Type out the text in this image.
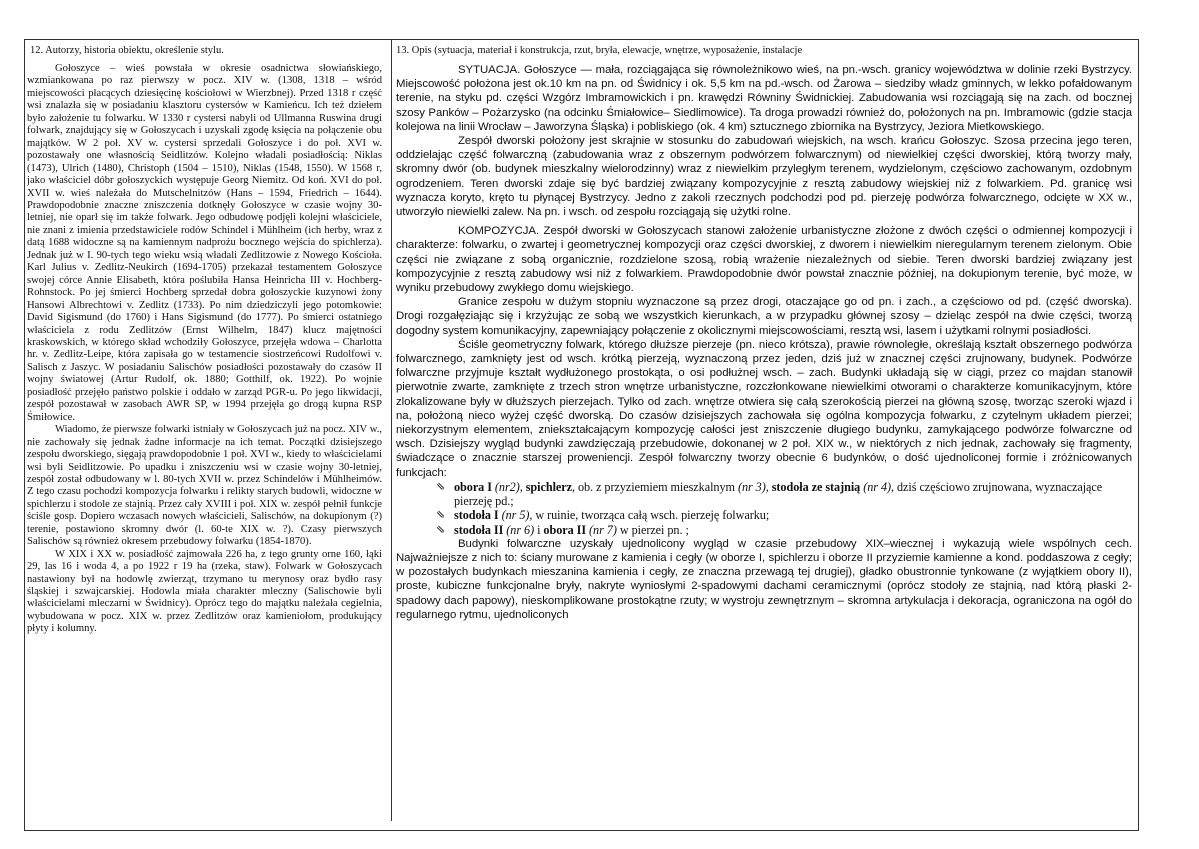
12. Autorzy, historia obiektu, określenie stylu.

Gołoszyce – wieś powstała w okresie osadnictwa słowiańskiego, wzmiankowana po raz pierwszy w pocz. XIV w. (1308, 1318 – wśród miejscowości płacących dziesięcinę kościołowi w Wierzbnej). Przed 1318 r część wsi znalazła się w posiadaniu klasztoru cystersów w Kamieńcu. Ich też dziełem było założenie tu folwarku. W 1330 r cystersi nabyli od Ullmanna Ruswina drugi folwark, znajdujący się w Gołoszycach i uzyskali zgodę księcia na połączenie obu majątków. W 2 poł. XV w. cystersi sprzedali Gołoszyce i do poł. XVI w. pozostawały one własnością Seidlitzów. Kolejno władali posiadłością: Niklas (1473), Ulrich (1480), Christoph (1504 – 1510), Niklas (1548, 1550). W 1568 r, jako właściciel dóbr gołoszyckich występuje Georg Niemitz. Od koń. XVI do poł. XVII w. wieś należała do Mutschelnitzów (Hans – 1594, Friedrich – 1644). Prawdopodobnie znaczne zniszczenia dotknęły Gołoszyce w czasie wojny 30-letniej, nie oparł się im także folwark. Jego odbudowę podjęli kolejni właściciele, nie znani z imienia przedstawiciele rodów Schindel i Mühlheim (ich herby, wraz z datą 1688 widoczne są na kamiennym nadprożu bocznego wejścia do spichlerza). Jednak już w I. 90-tych tego wieku wsią władali Zedlitzowie z Nowego Kościoła. Karl Julius v. Zedlitz-Neukirch (1694-1705) przekazał testamentem Gołoszyce swojej córce Annie Elisabeth, która poślubiła Hansa Heinricha III v. Hochberg-Rohnstock. Po jej śmierci Hochberg sprzedał dobra gołoszyckie kuzynowi żony Hansowi Albrechtowi v. Zedlitz (1733). Po nim dziedziczyli jego potomkowie: David Sigismund (do 1760) i Hans Sigismund (do 1777). Po śmierci ostatniego właściciela z rodu Zedlitzów (Ernst Wilhelm, 1847) klucz majętności kraskowskich, w którego skład wchodziły Gołoszyce, przejęła wdowa – Charlotta hr. v. Zedlitz-Leipe, która zapisała go w testamencie siostrzeńcowi Rudolfowi v. Salisch z Jaszyc. W posiadaniu Salischów posiadłości pozostawały do czasów II wojny światowej (Artur Rudolf, ok. 1880; Gotthilf, ok. 1922). Po wojnie posiadłość przejęło państwo polskie i oddało w zarząd PGR-u. Po jego likwidacji, zespół pozostawał w zasobach AWR SP, w 1994 przejęła go drogą kupna RSP Śmiłowice.

Wiadomo, że pierwsze folwarki istniały w Gołoszycach już na pocz. XIV w., nie zachowały się jednak żadne informacje na ich temat. Początki dzisiejszego zespołu dworskiego, sięgają prawdopodobnie 1 poł. XVI w., kiedy to właścicielami wsi byli Seidlitzowie. Po upadku i zniszczeniu wsi w czasie wojny 30-letniej, zespół został odbudowany w l. 80-tych XVII w. przez Schindelów i Mühlheimów. Z tego czasu pochodzi kompozycja folwarku i relikty starych budowli, widoczne w spichlerzu i stodole ze stajnią. Przez cały XVIII i poł. XIX w. zespół pełnił funkcje ściśle gosp. Dopiero wczasach nowych właścicieli, Salischów, na dokupionym (?) terenie, postawiono skromny dwór (l. 60-te XIX w. ?). Czasy pierwszych Salischów są również okresem przebudowy folwarku (1854-1870).

W XIX i XX w. posiadłość zajmowała 226 ha, z tego grunty orne 160, łąki 29, las 16 i woda 4, a po 1922 r 19 ha (rzeka, staw). Folwark w Gołoszycach nastawiony był na hodowlę zwierząt, trzymano tu merynosy oraz bydło rasy śląskiej i szwajcarskiej. Hodowla miała charakter mleczny (Salischowie byli właścicielami mleczarni w Świdnicy). Oprócz tego do majątku należała cegielnia, wybudowana w pocz. XIX w. przez Zedlitzów oraz kamieniołom, produkujący płyty i kolumny.

13. Opis (sytuacja, materiał i konstrukcja, rzut, bryła, elewacje, wnętrze, wyposażenie, instalacje

SYTUACJA. Gołoszyce — mała, rozciągająca się równoleżnikowo wieś, na pn.-wsch. granicy województwa w dolinie rzeki Bystrzycy. Miejscowość położona jest ok.10 km na pn. od Świdnicy i ok. 5,5 km na pd.-wsch. od Żarowa – siedziby władz gminnych, w lekko pofałdowanym terenie, na styku pd. części Wzgórz Imbramowickich i pn. krawędzi Równiny Świdnickiej. Zabudowania wsi rozciągają się na zach. od bocznej szosy Panków – Pożarzysko (na odcinku Śmiałowice– Siedlimowice). Ta droga prowadzi również do, położonych na pn. Imbramowic (gdzie stacja kolejowa na linii Wrocław – Jaworzyna Śląska) i pobliskiego (ok. 4 km) sztucznego zbiornika na Bystrzycy, Jeziora Mietkowskiego.

Zespół dworski położony jest skrajnie w stosunku do zabudowań wiejskich, na wsch. krańcu Gołoszyc. Szosa przecina jego teren, oddzielając część folwarczną (zabudowania wraz z obszernym podwórzem folwarcznym) od niewielkiej części dworskiej, którą tworzy mały, skromny dwór (ob. budynek mieszkalny wielorodzinny) wraz z niewielkim przyległym terenem, wydzielonym, częściowo zachowanym, ozdobnym ogrodzeniem. Teren dworski zdaje się być bardziej związany kompozycyjnie z resztą zabudowy wiejskiej niż z folwarkiem. Pd. granicę wsi wyznacza koryto, kręto tu płynącej Bystrzycy. Jedno z zakoli rzecznych podchodzi pod pd. pierzeję podwórza folwarcznego, odcięte w XX w., utworzyło niewielki zalew. Na pn. i wsch. od zespołu rozciągają się użytki rolne.

KOMPOZYCJA. Zespół dworski w Gołoszycach stanowi założenie urbanistyczne złożone z dwóch części o odmiennej kompozycji i charakterze: folwarku, o zwartej i geometrycznej kompozycji oraz części dworskiej, z dworem i niewielkim nieregularnym terenem zielonym. Obie części nie związane z sobą organicznie, rozdzielone szosą, robią wrażenie niezależnych od siebie. Teren dworski bardziej związany jest kompozycyjnie z resztą zabudowy wsi niż z folwarkiem. Prawdopodobnie dwór powstał znacznie później, na dokupionym terenie, być może, w wyniku przebudowy zwykłego domu wiejskiego.

Granice zespołu w dużym stopniu wyznaczone są przez drogi, otaczające go od pn. i zach., a częściowo od pd. (część dworska). Drogi rozgałęziając się i krzyżując ze sobą we wszystkich kierunkach, a w przypadku głównej szosy – dzieląc zespół na dwie części, tworzą dogodny system komunikacyjny, zapewniający połączenie z okolicznymi miejscowościami, resztą wsi, lasem i użytkami rolnymi posiadłości.

Ściśle geometryczny folwark, którego dłuższe pierzeje (pn. nieco krótsza), prawie równoległe, określają kształt obszernego podwórza folwarcznego, zamknięty jest od wsch. krótką pierzeją, wyznaczoną przez jeden, dziś już w znacznej części zrujnowany, budynek. Podwórze folwarczne przyjmuje kształt wydłużonego prostokąta, o osi podłużnej wsch. – zach. Budynki układają się w ciągi, przez co majdan stanowił pierwotnie zwarte, zamknięte z trzech stron wnętrze urbanistyczne, rozczłonkowane niewielkimi otworami o charakterze komunikacyjnym, które zlokalizowane były w dłuższych pierzejach. Tylko od zach. wnętrze otwiera się całą szerokością pierzei na główną szosę, tworząc szeroki wjazd i na, położoną nieco wyżej część dworską. Do czasów dzisiejszych zachowała się ogólna kompozycja folwarku, z czytelnym układem pierzei; niekorzystnym elementem, zniekształcającym kompozycję całości jest zniszczenie długiego budynku, zamykającego podwórze folwarczne od wsch. Dzisiejszy wygląd budynki zawdzięczają przebudowie, dokonanej w 2 poł. XIX w., w niektórych z nich jednak, zachowały się fragmenty, świadczące o znacznie starszej proweniencji. Zespół folwarczny tworzy obecnie 6 budynków, o dość ujednoliconej formie i zróżnicowanych funkcjach:

⇘ obora I (nr2), spichlerz, ob. z przyziemiem mieszkalnym (nr 3), stodoła ze stajnią (nr 4), dziś częściowo zrujnowana, wyznaczające pierzeję pd.;

⇘ stodoła I (nr 5), w ruinie, tworząca całą wsch. pierzeję folwarku;

⇘ stodoła II (nr 6) i obora II (nr 7) w pierzei pn. ;

Budynki folwarczne uzyskały ujednolicony wygląd w czasie przebudowy XIX–wiecznej i wykazują wiele wspólnych cech. Najważniejsze z nich to: ściany murowane z kamienia i cegły (w oborze I, spichlerzu i oborze II przyziemie kamienne a kond. poddaszowa z cegły; w pozostałych budynkach mieszanina kamienia i cegły, ze znaczna przewagą tej drugiej), gładko obustronnie tynkowane (z wyjątkiem obory II), proste, kubiczne funkcjonalne bryły, nakryte wyniosłymi 2-spadowymi dachami ceramicznymi (oprócz stodoły ze stajnią, nad którą płaski 2-spadowy dach papowy), nieskomplikowane prostokątne rzuty; w wystroju zewnętrznym – skromna artykulacja i dekoracja, ograniczona na ogół do regularnego rytmu, ujednoliconych
